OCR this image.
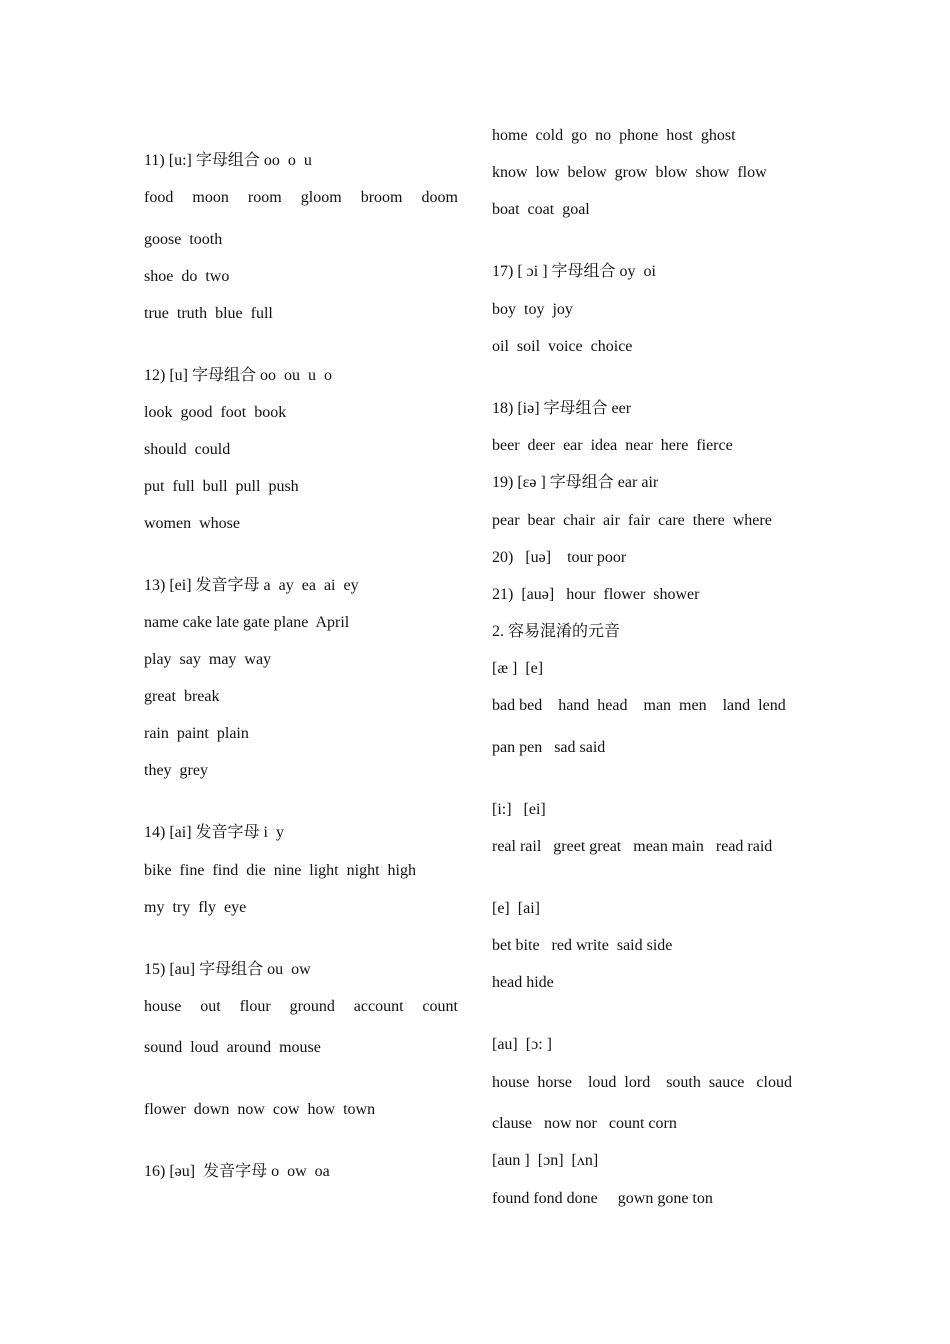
11) [u:] 字母组合 oo  o  u
food moon room gloom broom doom
goose  tooth
shoe  do  two
true  truth  blue  full
12) [u] 字母组合 oo  ou  u  o
look  good  foot  book
should  could
put  full  bull  pull  push
women  whose
13) [ei] 发音字母 a  ay  ea  ai  ey
name cake late gate plane  April
play  say  may  way
great  break
rain  paint  plain
they  grey
14) [ai] 发音字母 i  y
bike  fine  find  die  nine  light  night  high
my  try  fly  eye
15) [au] 字母组合 ou  ow
house out flour ground account count
sound  loud  around  mouse
flower  down  now  cow  how  town
16) [əu]  发音字母 o  ow  oa
home  cold  go  no  phone  host  ghost
know  low  below  grow  blow  show  flow
boat  coat  goal
17) [ ɔi ] 字母组合 oy  oi
boy  toy  joy
oil  soil  voice  choice
18) [iə] 字母组合 eer
beer  deer  ear  idea  near  here  fierce
19) [ɛə ] 字母组合 ear air
pear  bear  chair  air  fair  care  there  where
20)   [uə]    tour poor
21)  [auə]   hour  flower  shower
2. 容易混淆的元音
[æ ]  [e]
bad bed    hand  head    man  men    land  lend
pan pen   sad said
[i:]   [ei]
real rail   greet great   mean main   read raid
[e]  [ai]
bet bite   red write  said side
head hide
[au]  [ɔ: ]
house  horse    loud  lord    south  sauce   cloud
clause   now nor   count corn
[aun ]  [ɔn]  [ʌn]
found fond done     gown gone ton
